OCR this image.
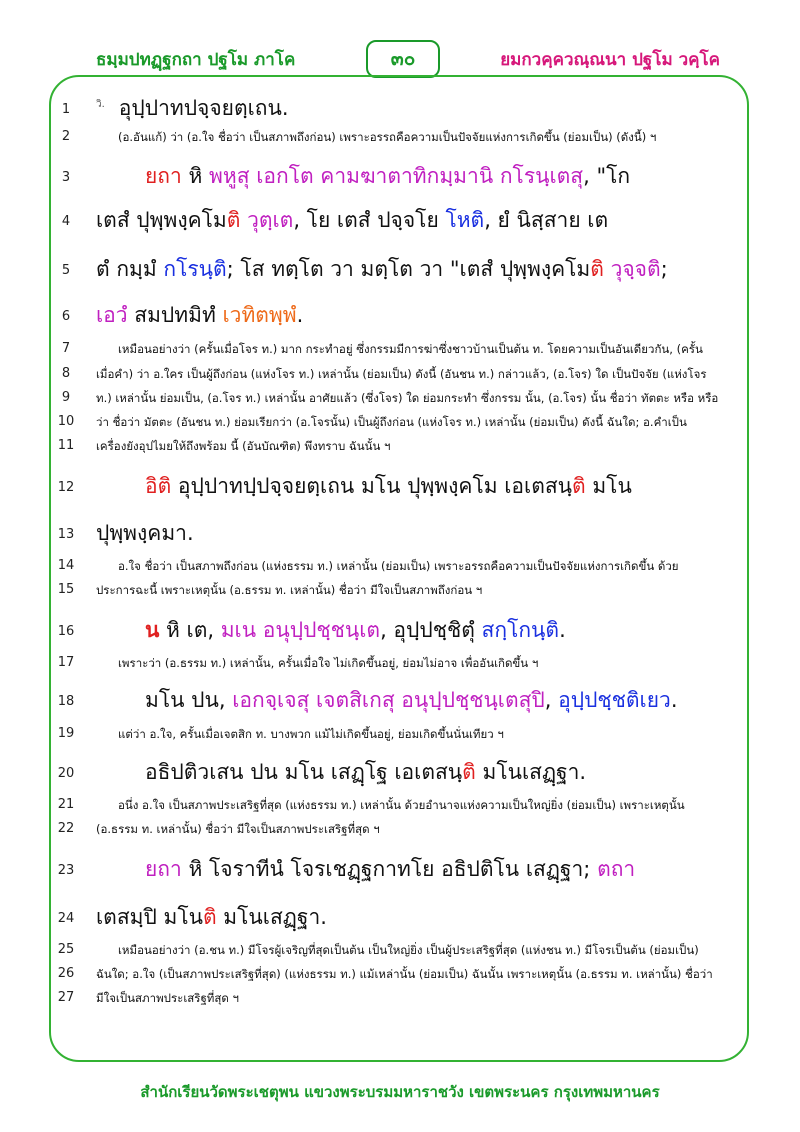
ธมฺมปทฏฺฐกถา ปฐโม ภาโค	๓๐	ยมกวคฺควณฺณนา ปฐโม วคฺโค
1	$^{วิ.}$ อุปฺปาทปจฺจยตฺเถน.
2	(อ.อันแก้) ว่า (อ.ใจ ชื่อว่า เป็นสภาพถึงก่อน) เพราะอรรถคือความเป็นปัจจัยแห่งการเกิดขึ้น (ย่อมเป็น) (ดังนี้) ฯ
3	ยถา หิ พหูสุ เอกโต คามฆาตาทิกมฺมานิ กโรนฺเตสุ, "โก
4 เตสํ ปุพฺพงฺคโมติ วุตฺเต, โย เตสํ ปจฺจโย โหติ, ยํ นิสฺสาย เต
5 ตํ กมฺมํ กโรนฺติ; โส ทตฺโต วา มตฺโต วา "เตสํ ปุพฺพงฺคโมติ วุจฺจติ;
6 เอวํ สมปทมิทํ เวทิตพฺพํ.
7	เหมือนอย่างว่า (ครั้นเมื่อโจร ท.) มาก กระทำอยู่ ซึ่งกรรมมีการฆ่าซึ่งชาวบ้านเป็นต้น ท. โดยความเป็นอันเดียวกัน, (ครั้น
8	เมื่อคำ) ว่า อ.ใคร เป็นผู้ถึงก่อน (แห่งโจร ท.) เหล่านั้น (ย่อมเป็น) ดังนี้ (อันชน ท.) กล่าวแล้ว, (อ.โจร) ใด เป็นปัจจัย (แห่งโจร
9	ท.) เหล่านั้น ย่อมเป็น, (อ.โจร ท.) เหล่านั้น อาศัยแล้ว (ซึ่งโจร) ใด ย่อมกระทำ ซึ่งกรรม นั้น, (อ.โจร) นั้น ชื่อว่า ทัตตะ หรือ หรือ
10 ว่า ชื่อว่า มัตตะ (อันชน ท.) ย่อมเรียกว่า (อ.โจรนั้น) เป็นผู้ถึงก่อน (แห่งโจร ท.) เหล่านั้น (ย่อมเป็น) ดังนี้ ฉันใด; อ.คำเป็น
11 เครื่องยังอุปไมยให้ถึงพร้อม นี้ (อันบัณฑิต) พึงทราบ ฉันนั้น ฯ
12	อิติ อุปฺปาทปฺปจฺจยตฺเถน มโน ปุพฺพงฺคโม เอเตสนฺติ มโน
13 ปุพฺพงฺคมา.
14	อ.ใจ ชื่อว่า เป็นสภาพถึงก่อน (แห่งธรรม ท.) เหล่านั้น (ย่อมเป็น) เพราะอรรถคือความเป็นปัจจัยแห่งการเกิดขึ้น ด้วย
15 ประการฉะนี้ เพราะเหตุนั้น (อ.ธรรม ท. เหล่านั้น) ชื่อว่า มีใจเป็นสภาพถึงก่อน ฯ
16	น หิ เต, มเน อนุปฺปชฺชนฺเต, อุปฺปชฺชิตุํ สกฺโกนฺติ.
17	เพราะว่า (อ.ธรรม ท.) เหล่านั้น, ครั้นเมื่อใจ ไม่เกิดขึ้นอยู่, ย่อมไม่อาจ เพื่ออันเกิดขึ้น ฯ
18	มโน ปน, เอกจฺเจสุ เจตสิเกสุ อนุปฺปชฺชนฺเตสุปิ, อุปฺปชฺชติเยว.
19	แต่ว่า อ.ใจ, ครั้นเมื่อเจตสิก ท. บางพวก แม้ไม่เกิดขึ้นอยู่, ย่อมเกิดขึ้นนั่นเทียว ฯ
20	อธิปติวเสน ปน มโน เสฏฺโฐ เอเตสนฺติ มโนเสฏฺฐา.
21	อนึ่ง อ.ใจ เป็นสภาพประเสริฐที่สุด (แห่งธรรม ท.) เหล่านั้น ด้วยอำนาจแห่งความเป็นใหญ่ยิ่ง (ย่อมเป็น) เพราะเหตุนั้น
22 (อ.ธรรม ท. เหล่านั้น) ชื่อว่า มีใจเป็นสภาพประเสริฐที่สุด ฯ
23	ยถา หิ โจราทีนํ โจรเชฏฺฐกาทโย อธิปติโน เสฏฺฐา; ตถา
24 เตสมฺปิ มโนติ มโนเสฏฺฐา.
25	เหมือนอย่างว่า (อ.ชน ท.) มีโจรผู้เจริญที่สุดเป็นต้น เป็นใหญ่ยิ่ง เป็นผู้ประเสริฐที่สุด (แห่งชน ท.) มีโจรเป็นต้น (ย่อมเป็น)
26 ฉันใด; อ.ใจ (เป็นสภาพประเสริฐที่สุด) (แห่งธรรม ท.) แม้เหล่านั้น (ย่อมเป็น) ฉันนั้น เพราะเหตุนั้น (อ.ธรรม ท. เหล่านั้น) ชื่อว่า
27 มีใจเป็นสภาพประเสริฐที่สุด ฯ
สำนักเรียนวัดพระเชตุพน แขวงพระบรมมหาราชวัง เขตพระนคร กรุงเทพมหานคร
